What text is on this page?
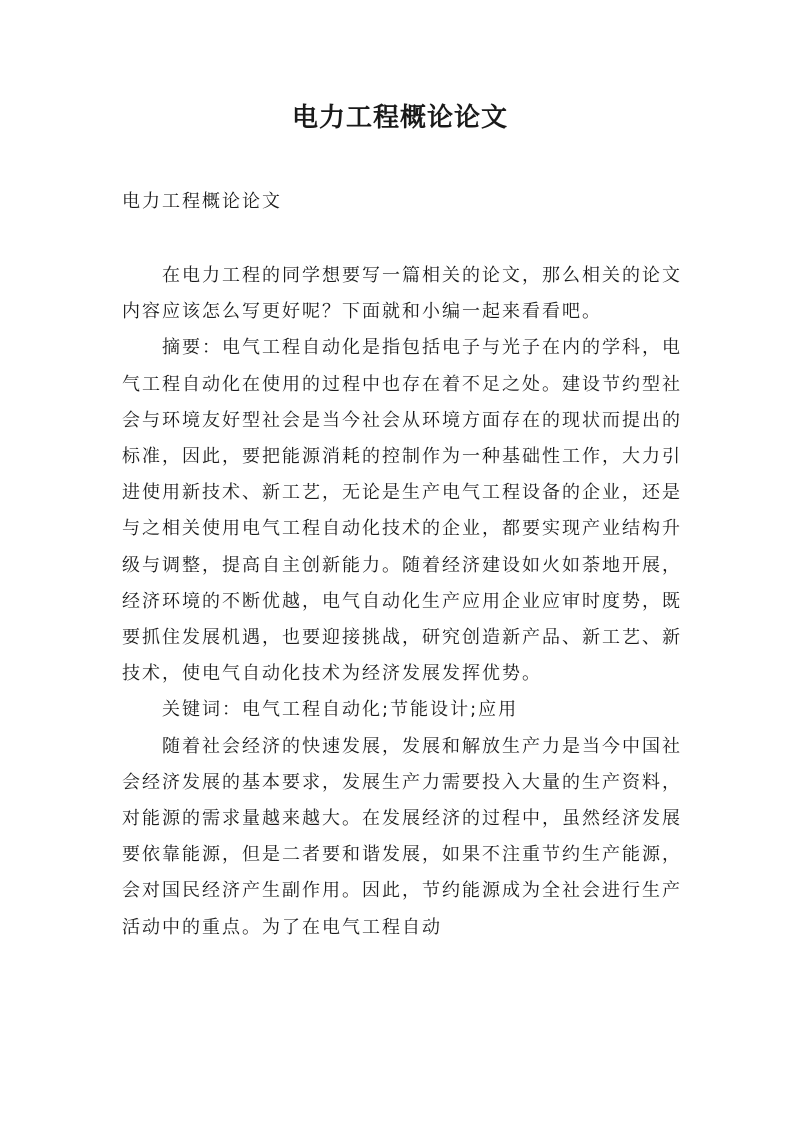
电力工程概论论文

电力工程概论论文

在电力工程的同学想要写一篇相关的论文，那么相关的论文内容应该怎么写更好呢？下面就和小编一起来看看吧。

摘要：电气工程自动化是指包括电子与光子在内的学科，电气工程自动化在使用的过程中也存在着不足之处。建设节约型社会与环境友好型社会是当今社会从环境方面存在的现状而提出的标准，因此，要把能源消耗的控制作为一种基础性工作，大力引进使用新技术、新工艺，无论是生产电气工程设备的企业，还是与之相关使用电气工程自动化技术的企业，都要实现产业结构升级与调整，提高自主创新能力。随着经济建设如火如荼地开展，经济环境的不断优越，电气自动化生产应用企业应审时度势，既要抓住发展机遇，也要迎接挑战，研究创造新产品、新工艺、新技术，使电气自动化技术为经济发展发挥优势。

关键词：电气工程自动化;节能设计;应用

随着社会经济的快速发展，发展和解放生产力是当今中国社会经济发展的基本要求，发展生产力需要投入大量的生产资料，对能源的需求量越来越大。在发展经济的过程中，虽然经济发展要依靠能源，但是二者要和谐发展，如果不注重节约生产能源，会对国民经济产生副作用。因此，节约能源成为全社会进行生产活动中的重点。为了在电气工程自动
